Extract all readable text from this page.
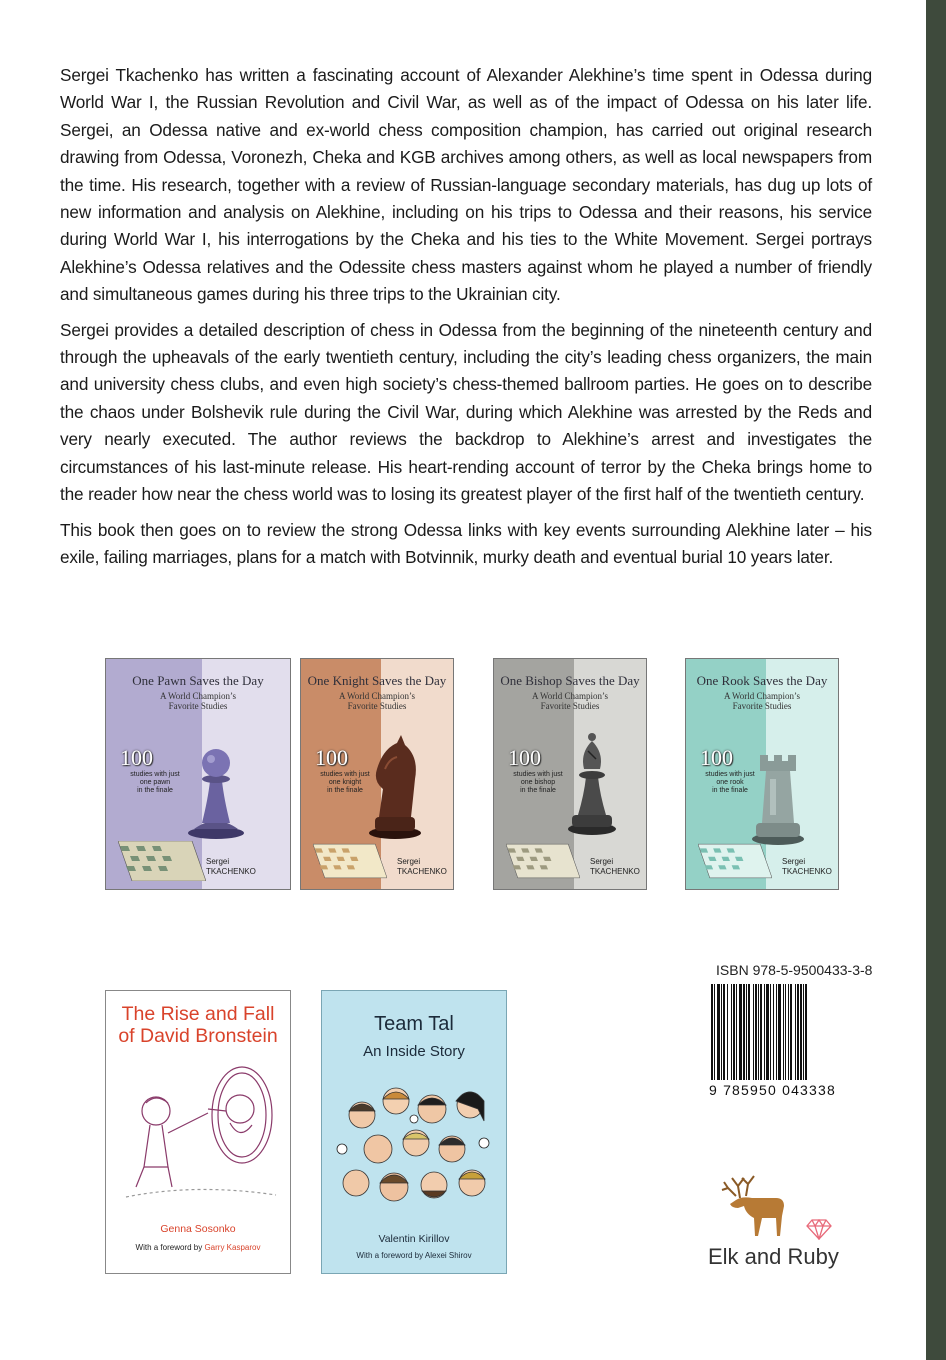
Sergei Tkachenko has written a fascinating account of Alexander Alekhine’s time spent in Odessa during World War I, the Russian Revolution and Civil War, as well as of the impact of Odessa on his later life. Sergei, an Odessa native and ex-world chess composition champion, has carried out original research drawing from Odessa, Voronezh, Cheka and KGB archives among others, as well as local newspapers from the time. His research, together with a review of Russian-language secondary materials, has dug up lots of new information and analysis on Alekhine, including on his trips to Odessa and their reasons, his service during World War I, his interrogations by the Cheka and his ties to the White Movement. Sergei portrays Alekhine’s Odessa relatives and the Odessite chess masters against whom he played a number of friendly and simultaneous games during his three trips to the Ukrainian city.

Sergei provides a detailed description of chess in Odessa from the beginning of the nineteenth century and through the upheavals of the early twentieth century, including the city’s leading chess organizers, the main and university chess clubs, and even high society’s chess-themed ballroom parties. He goes on to describe the chaos under Bolshevik rule during the Civil War, during which Alekhine was arrested by the Reds and very nearly executed. The author reviews the backdrop to Alekhine’s arrest and investigates the circumstances of his last-minute release. His heart-rending account of terror by the Cheka brings home to the reader how near the chess world was to losing its greatest player of the first half of the twentieth century.

This book then goes on to review the strong Odessa links with key events surrounding Alekhine later – his exile, failing marriages, plans for a match with Botvinnik, murky death and eventual burial 10 years later.

One Pawn Saves the Day
A World Champion’s
Favorite Studies
100
studies with just
one pawn
in the finale
Sergei
TKACHENKO
One Knight Saves the Day
A World Champion’s
Favorite Studies
100
studies with just
one knight
in the finale
Sergei
TKACHENKO
One Bishop Saves the Day
A World Champion’s
Favorite Studies
100
studies with just
one bishop
in the finale
Sergei
TKACHENKO
One Rook Saves the Day
A World Champion’s
Favorite Studies
100
studies with just
one rook
in the finale
Sergei
TKACHENKO
The Rise and Fall
of David Bronstein
Genna Sosonko
With a foreword by Garry Kasparov
Team Tal
An Inside Story
Valentin Kirillov
With a foreword by Alexei Shirov
ISBN 978-5-9500433-3-8
9 785950 043338
Elk and Ruby
